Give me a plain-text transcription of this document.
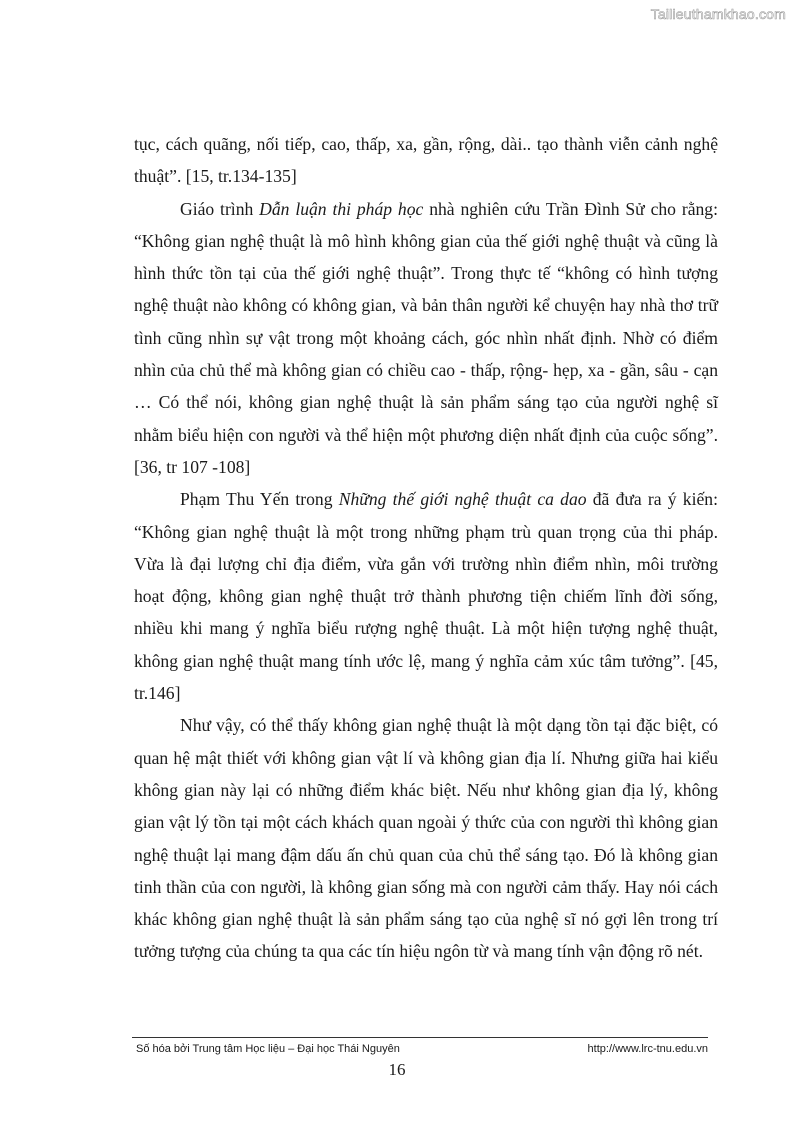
Tailieuthamkhao.com

tục, cách quãng, nối tiếp, cao, thấp, xa, gần, rộng, dài.. tạo thành viễn cảnh nghệ thuật”. [15, tr.134-135]

Giáo trình Dẫn luận thi pháp học nhà nghiên cứu Trần Đình Sử cho rằng: “Không gian nghệ thuật là mô hình không gian của thế giới nghệ thuật và cũng là hình thức tồn tại của thế giới nghệ thuật”. Trong thực tế “không có hình tượng nghệ thuật nào không có không gian, và bản thân người kể chuyện hay nhà thơ trữ tình cũng nhìn sự vật trong một khoảng cách, góc nhìn nhất định. Nhờ có điểm nhìn của chủ thể mà không gian có chiều cao - thấp, rộng- hẹp, xa - gần, sâu - cạn … Có thể nói, không gian nghệ thuật là sản phẩm sáng tạo của người nghệ sĩ nhằm biểu hiện con người và thể hiện một phương diện nhất định của cuộc sống”. [36, tr 107 -108]

Phạm Thu Yến trong Những thế giới nghệ thuật ca dao đã đưa ra ý kiến: “Không gian nghệ thuật là một trong những phạm trù quan trọng của thi pháp. Vừa là đại lượng chỉ địa điểm, vừa gắn với trường nhìn điểm nhìn, môi trường hoạt động, không gian nghệ thuật trở thành phương tiện chiếm lĩnh đời sống, nhiều khi mang ý nghĩa biểu rượng nghệ thuật. Là một hiện tượng nghệ thuật, không gian nghệ thuật mang tính ước lệ, mang ý nghĩa cảm xúc tâm tưởng”. [45, tr.146]

Như vậy, có thể thấy không gian nghệ thuật là một dạng tồn tại đặc biệt, có quan hệ mật thiết với không gian vật lí và không gian địa lí. Nhưng giữa hai kiểu không gian này lại có những điểm khác biệt. Nếu như không gian địa lý, không gian vật lý tồn tại một cách khách quan ngoài ý thức của con người thì không gian nghệ thuật lại mang đậm dấu ấn chủ quan của chủ thể sáng tạo. Đó là không gian tinh thần của con người, là không gian sống mà con người cảm thấy. Hay nói cách khác không gian nghệ thuật là sản phẩm sáng tạo của nghệ sĩ nó gợi lên trong trí tưởng tượng của chúng ta qua các tín hiệu ngôn từ và mang tính vận động rõ nét.

Số hóa bởi Trung tâm Học liệu – Đại học Thái Nguyên	http://www.lrc-tnu.edu.vn
16
